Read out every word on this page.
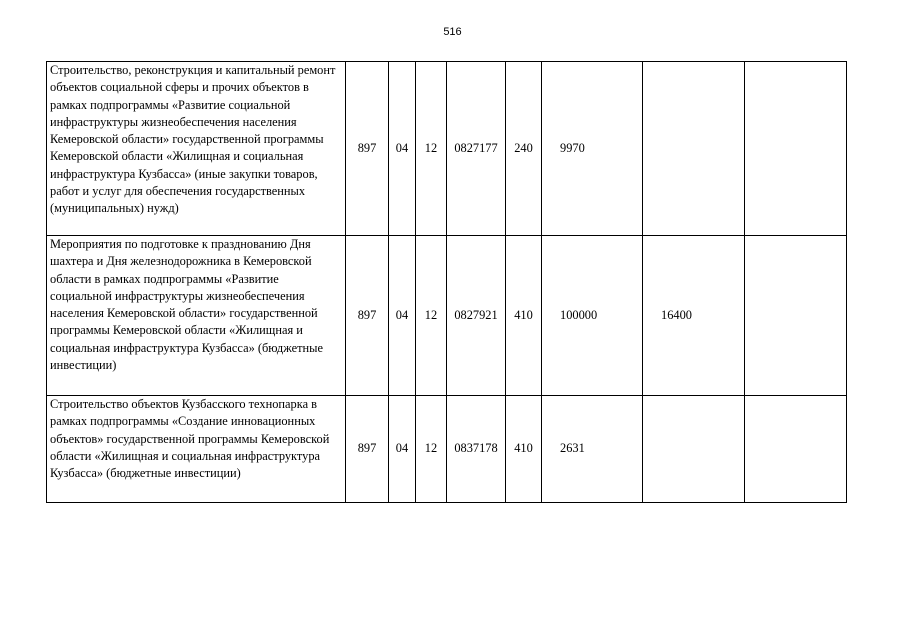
516
Строительство, реконструкция и капитальный ремонт объектов социальной сферы и прочих объектов в рамках подпрограммы «Развитие социальной инфраструктуры жизнеобеспечения населения Кемеровской области» государственной программы Кемеровской области «Жилищная и социальная инфраструктура Кузбасса» (иные закупки товаров, работ и услуг для обеспечения государственных (муниципальных) нужд)	897	04	12	0827177	240	9970		
Мероприятия по подготовке к празднованию Дня шахтера и Дня железнодорожника в Кемеровской области в рамках подпрограммы «Развитие социальной инфраструктуры жизнеобеспечения населения Кемеровской области» государственной программы Кемеровской области «Жилищная и социальная инфраструктура Кузбасса» (бюджетные инвестиции)	897	04	12	0827921	410	100000	16400	
Строительство объектов Кузбасского технопарка в рамках подпрограммы «Создание инновационных объектов» государственной программы Кемеровской области «Жилищная и социальная инфраструктура Кузбасса» (бюджетные инвестиции)	897	04	12	0837178	410	2631		
